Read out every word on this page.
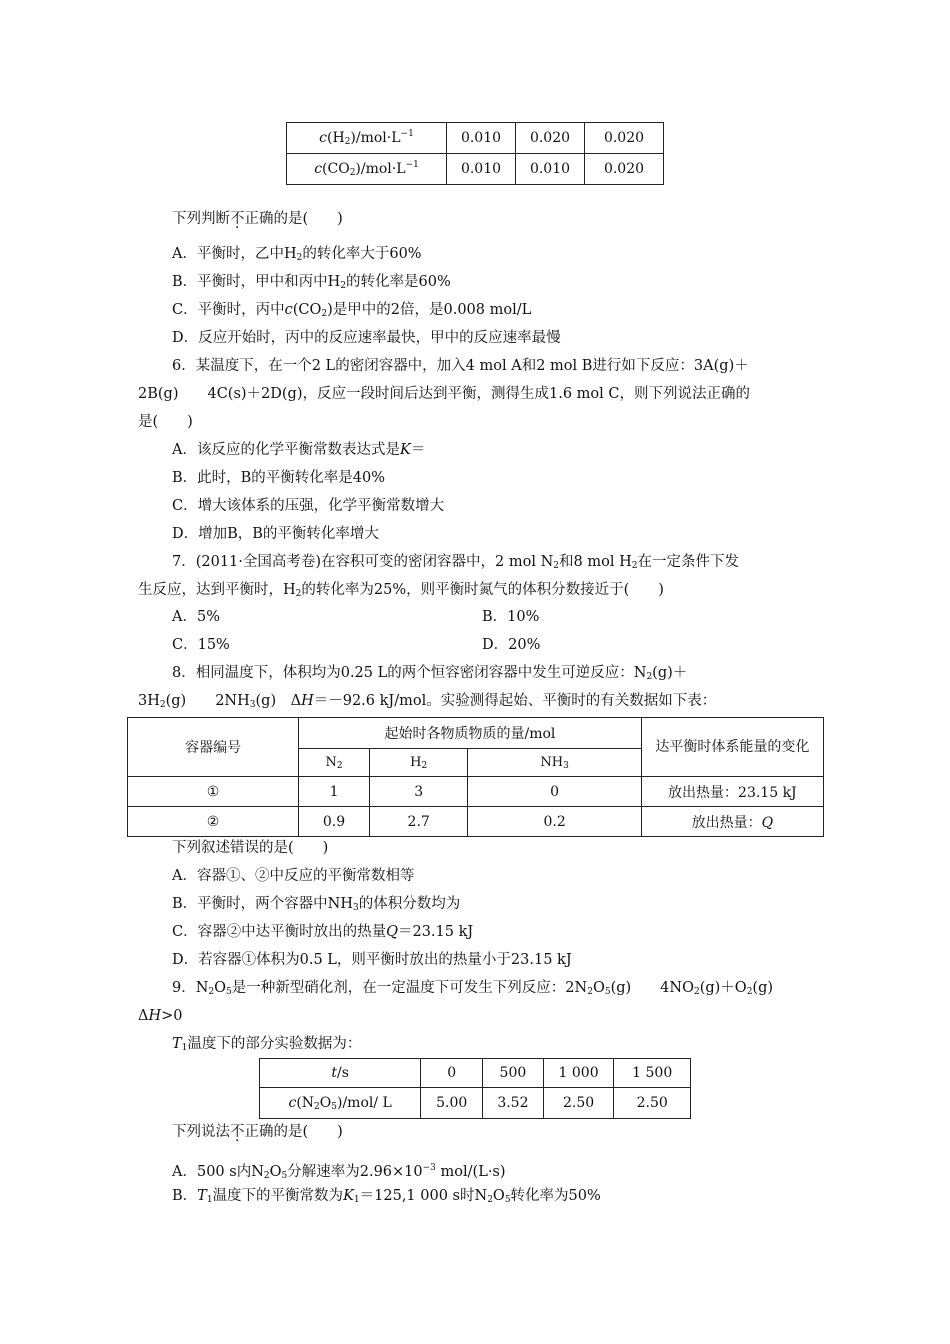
$c(H_2)/mol\cdot L^{-1}$	0.010	0.020	0.020
$c(CO_2)/mol\cdot L^{-1}$	0.010	0.010	0.020
下列判断不正确的是(　　)
A．平衡时，乙中$H_2$的转化率大于60%
B．平衡时，甲中和丙中$H_2$的转化率是60%
C．平衡时，丙中$c(CO_2)$是甲中的2倍，是0.008 mol/L
D．反应开始时，丙中的反应速率最快，甲中的反应速率最慢
6．某温度下，在一个2 L的密闭容器中，加入4 mol A和2 mol B进行如下反应：3A(g)＋
2B(g)　　4C(s)＋2D(g)，反应一段时间后达到平衡，测得生成1.6 mol C，则下列说法正确的
是(　　)
A．该反应的化学平衡常数表达式是K＝
B．此时，B的平衡转化率是40%
C．增大该体系的压强，化学平衡常数增大
D．增加B，B的平衡转化率增大
7．(2011·全国高考卷)在容积可变的密闭容器中，2 mol $N_2$和8 mol $H_2$在一定条件下发
生反应，达到平衡时，$H_2$的转化率为25%，则平衡时氮气的体积分数接近于(　　)
A．5%	B．10%
C．15%	D．20%
8．相同温度下，体积均为0.25 L的两个恒容密闭容器中发生可逆反应：$N_2(g)+$
$3H_2(g)$　　$2NH_3(g)$　ΔH＝－92.6 kJ/mol。实验测得起始、平衡时的有关数据如下表：
容器编号	起始时各物质物质的量/mol			达平衡时体系能量的变化
	$N_2$	$H_2$	$NH_3$
①	1	3	0	放出热量：23.15 kJ
②	0.9	2.7	0.2	放出热量：Q
下列叙述错误的是(　　)
A．容器①、②中反应的平衡常数相等
B．平衡时，两个容器中$NH_3$的体积分数均为
C．容器②中达平衡时放出的热量Q＝23.15 kJ
D．若容器①体积为0.5 L，则平衡时放出的热量小于23.15 kJ
9．$N_2O_5$是一种新型硝化剂，在一定温度下可发生下列反应：$2N_2O_5(g)$　　$4NO_2(g)+O_2(g)$
ΔH>0
$T_1$温度下的部分实验数据为：
t/s	0	500	1 000	1 500
$c(N_2O_5)/mol/$ L	5.00	3.52	2.50	2.50
下列说法不正确的是(　　)
A．500 s内$N_2O_5$分解速率为$2.96\times 10^{-3}$ mol/(L·s)
B．$T_1$温度下的平衡常数为$K_1=125,1$ 000 s时$N_2O_5$转化率为50%
